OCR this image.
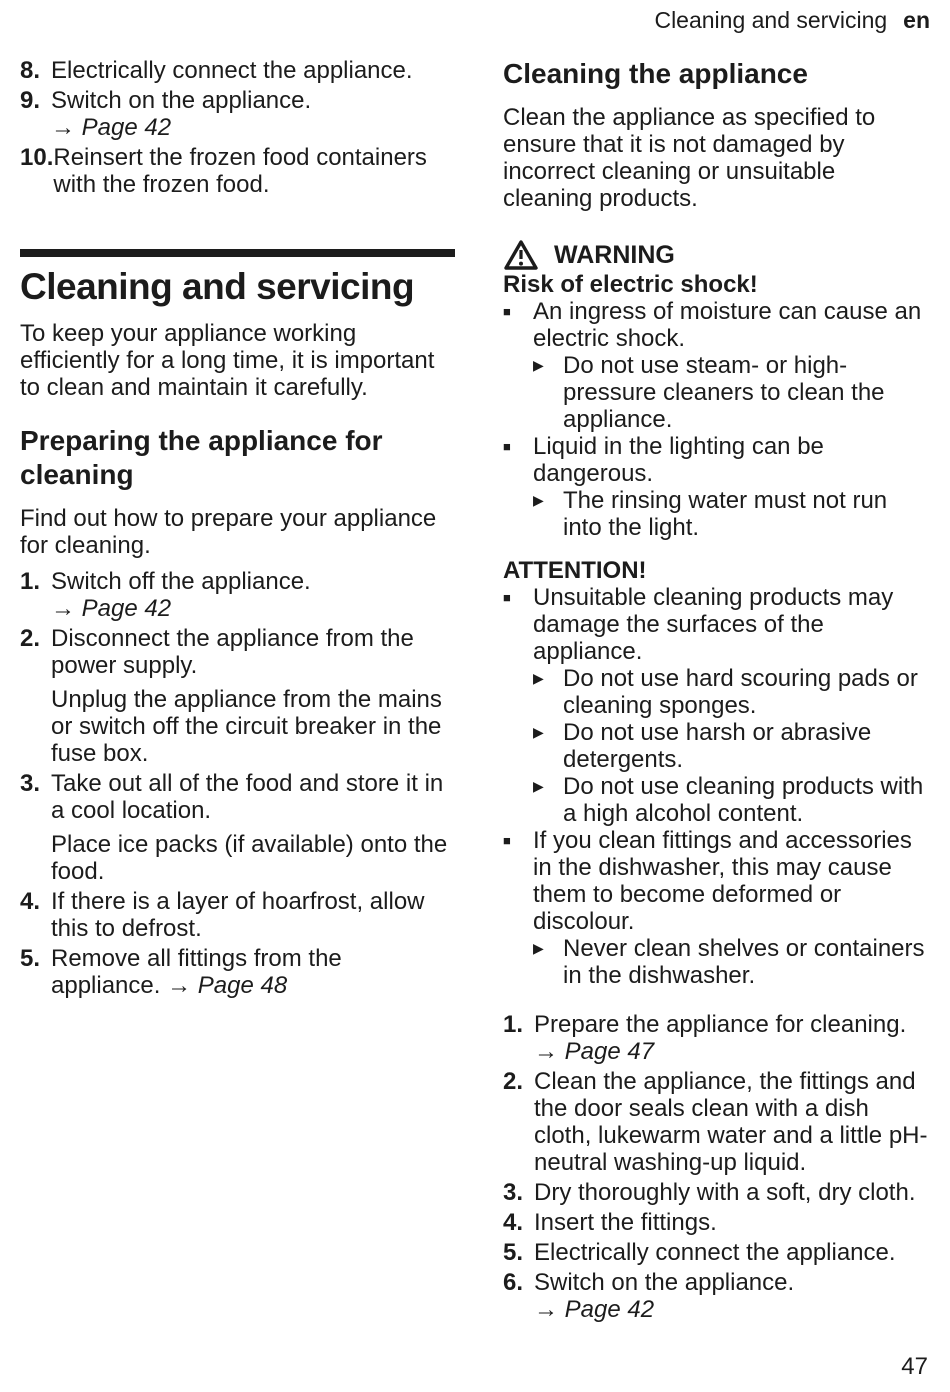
Cleaning and servicing en
8. Electrically connect the appliance.
9. Switch on the appliance.
→ Page 42
10. Reinsert the frozen food containers with the frozen food.
Cleaning and servicing

To keep your appliance working efficiently for a long time, it is important to clean and maintain it carefully.

Preparing the appliance for cleaning

Find out how to prepare your appliance for cleaning.

1. Switch off the appliance.
→ Page 42
2. Disconnect the appliance from the power supply.
Unplug the appliance from the mains or switch off the circuit breaker in the fuse box.
3. Take out all of the food and store it in a cool location.
Place ice packs (if available) onto the food.
4. If there is a layer of hoarfrost, allow this to defrost.
5. Remove all fittings from the appliance. → Page 48
Cleaning the appliance

Clean the appliance as specified to ensure that it is not damaged by incorrect cleaning or unsuitable cleaning products.

WARNING
Risk of electric shock!
■ An ingress of moisture can cause an electric shock.
▶ Do not use steam- or high-pressure cleaners to clean the appliance.
■ Liquid in the lighting can be dangerous.
▶ The rinsing water must not run into the light.
ATTENTION!
■ Unsuitable cleaning products may damage the surfaces of the appliance.
▶ Do not use hard scouring pads or cleaning sponges.
▶ Do not use harsh or abrasive detergents.
▶ Do not use cleaning products with a high alcohol content.
■ If you clean fittings and accessories in the dishwasher, this may cause them to become deformed or discolour.
▶ Never clean shelves or containers in the dishwasher.
1. Prepare the appliance for cleaning.
→ Page 47
2. Clean the appliance, the fittings and the door seals clean with a dish cloth, lukewarm water and a little pH-neutral washing-up liquid.
3. Dry thoroughly with a soft, dry cloth.
4. Insert the fittings.
5. Electrically connect the appliance.
6. Switch on the appliance.
→ Page 42
47
